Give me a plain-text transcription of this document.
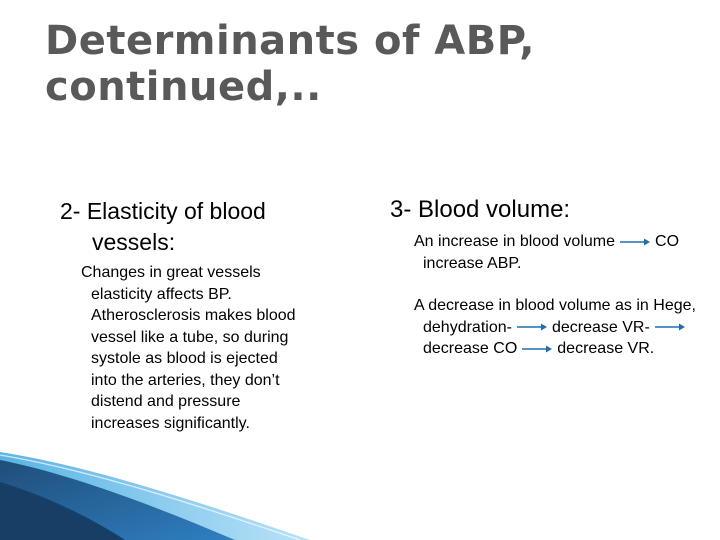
Determinants of ABP,
continued,..

2- Elasticity of blood vessels:

Changes in great vessels elasticity affects BP. Atherosclerosis makes blood vessel like a tube, so during systole as blood is ejected into the arteries, they don’t distend and pressure increases significantly.

3- Blood volume:

An increase in blood volume	CO increase ABP.

A decrease in blood volume as in Hege, dehydration-	decrease VR-decrease CO	decrease VR.
